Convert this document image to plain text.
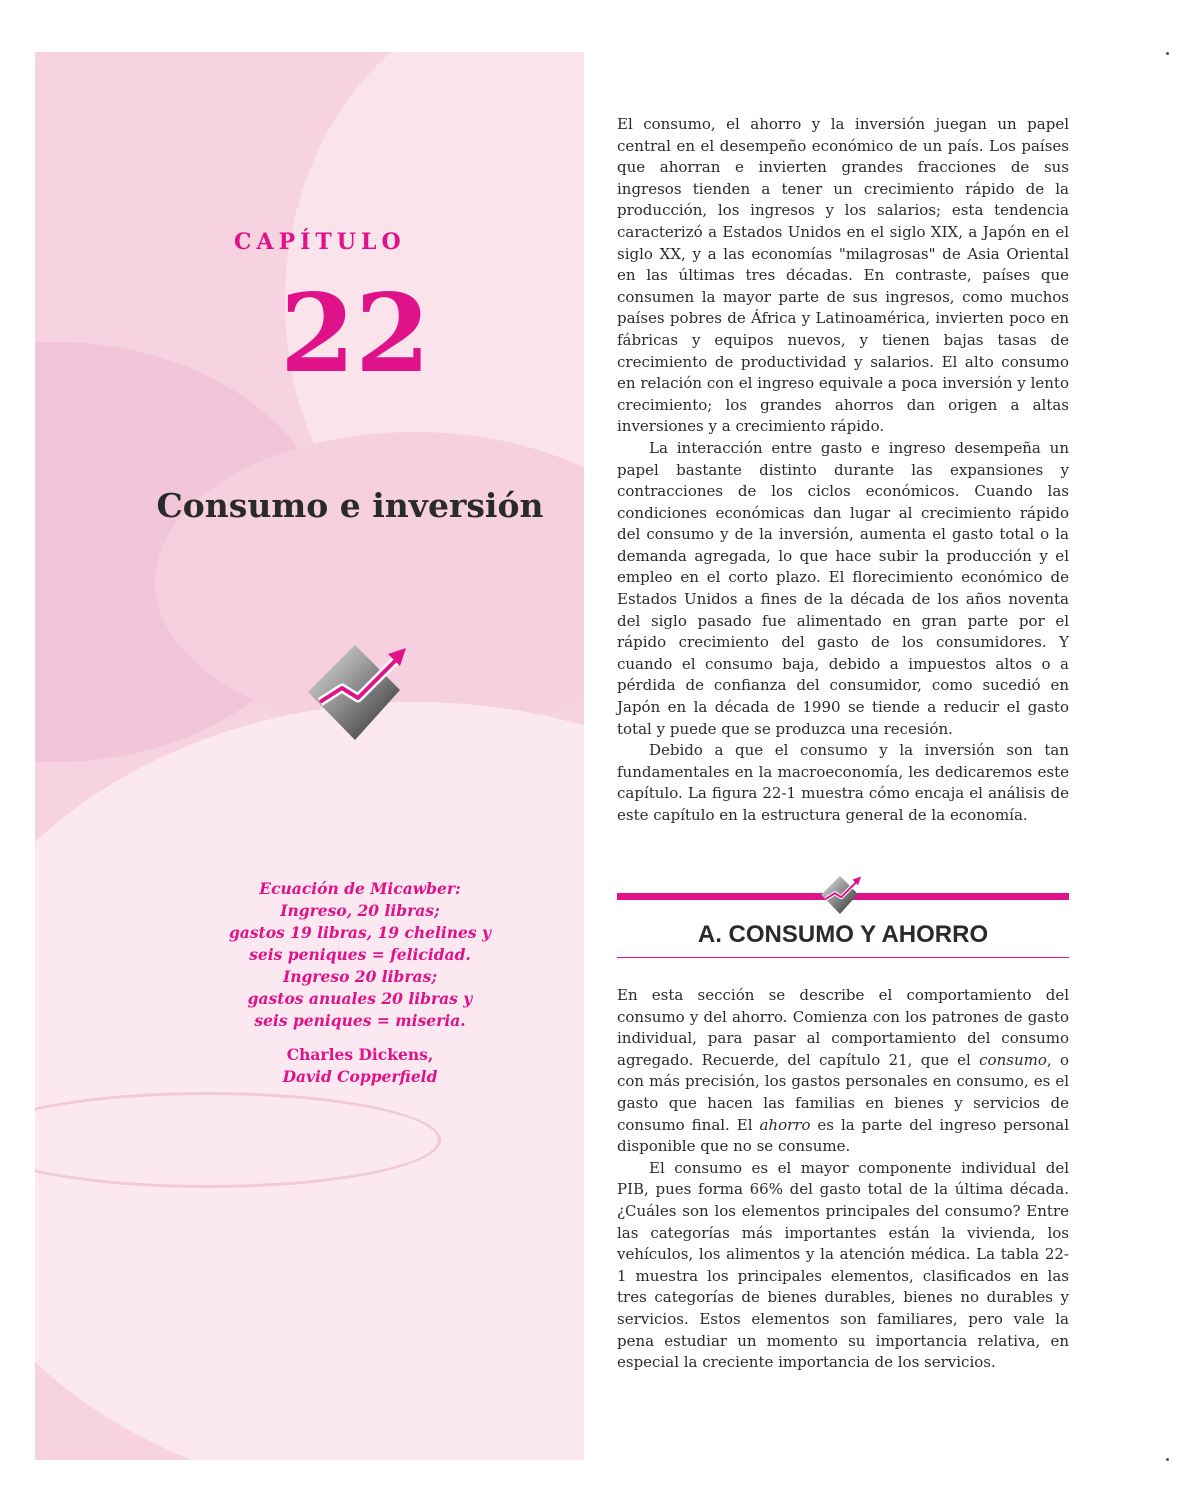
CAPÍTULO
22
Consumo e inversión
Ecuación de Micawber:
Ingreso, 20 libras;
gastos 19 libras, 19 chelines y
seis peniques = felicidad.
Ingreso 20 libras;
gastos anuales 20 libras y
seis peniques = miseria.
Charles Dickens,
David Copperfield

El consumo, el ahorro y la inversión juegan un papel central en el desempeño económico de un país. Los países que ahorran e invierten grandes fracciones de sus ingresos tienden a tener un crecimiento rápido de la producción, los ingresos y los salarios; esta tendencia caracterizó a Estados Unidos en el siglo XIX, a Japón en el siglo XX, y a las economías "milagrosas" de Asia Oriental en las últimas tres décadas. En contraste, países que consumen la mayor parte de sus ingresos, como muchos países pobres de África y Latinoamérica, invierten poco en fábricas y equipos nuevos, y tienen bajas tasas de crecimiento de productividad y salarios. El alto consumo en relación con el ingreso equivale a poca inversión y lento crecimiento; los grandes ahorros dan origen a altas inversiones y a crecimiento rápido.

La interacción entre gasto e ingreso desempeña un papel bastante distinto durante las expansiones y contracciones de los ciclos económicos. Cuando las condiciones económicas dan lugar al crecimiento rápido del consumo y de la inversión, aumenta el gasto total o la demanda agregada, lo que hace subir la producción y el empleo en el corto plazo. El florecimiento económico de Estados Unidos a fines de la década de los años noventa del siglo pasado fue alimentado en gran parte por el rápido crecimiento del gasto de los consumidores. Y cuando el consumo baja, debido a impuestos altos o a pérdida de confianza del consumidor, como sucedió en Japón en la década de 1990 se tiende a reducir el gasto total y puede que se produzca una recesión.

Debido a que el consumo y la inversión son tan fundamentales en la macroeconomía, les dedicaremos este capítulo. La figura 22-1 muestra cómo encaja el análisis de este capítulo en la estructura general de la economía.

A. CONSUMO Y AHORRO

En esta sección se describe el comportamiento del consumo y del ahorro. Comienza con los patrones de gasto individual, para pasar al comportamiento del consumo agregado. Recuerde, del capítulo 21, que el consumo, o con más precisión, los gastos personales en consumo, es el gasto que hacen las familias en bienes y servicios de consumo final. El ahorro es la parte del ingreso personal disponible que no se consume.

El consumo es el mayor componente individual del PIB, pues forma 66% del gasto total de la última década. ¿Cuáles son los elementos principales del consumo? Entre las categorías más importantes están la vivienda, los vehículos, los alimentos y la atención médica. La tabla 22-1 muestra los principales elementos, clasificados en las tres categorías de bienes durables, bienes no durables y servicios. Estos elementos son familiares, pero vale la pena estudiar un momento su importancia relativa, en especial la creciente importancia de los servicios.
